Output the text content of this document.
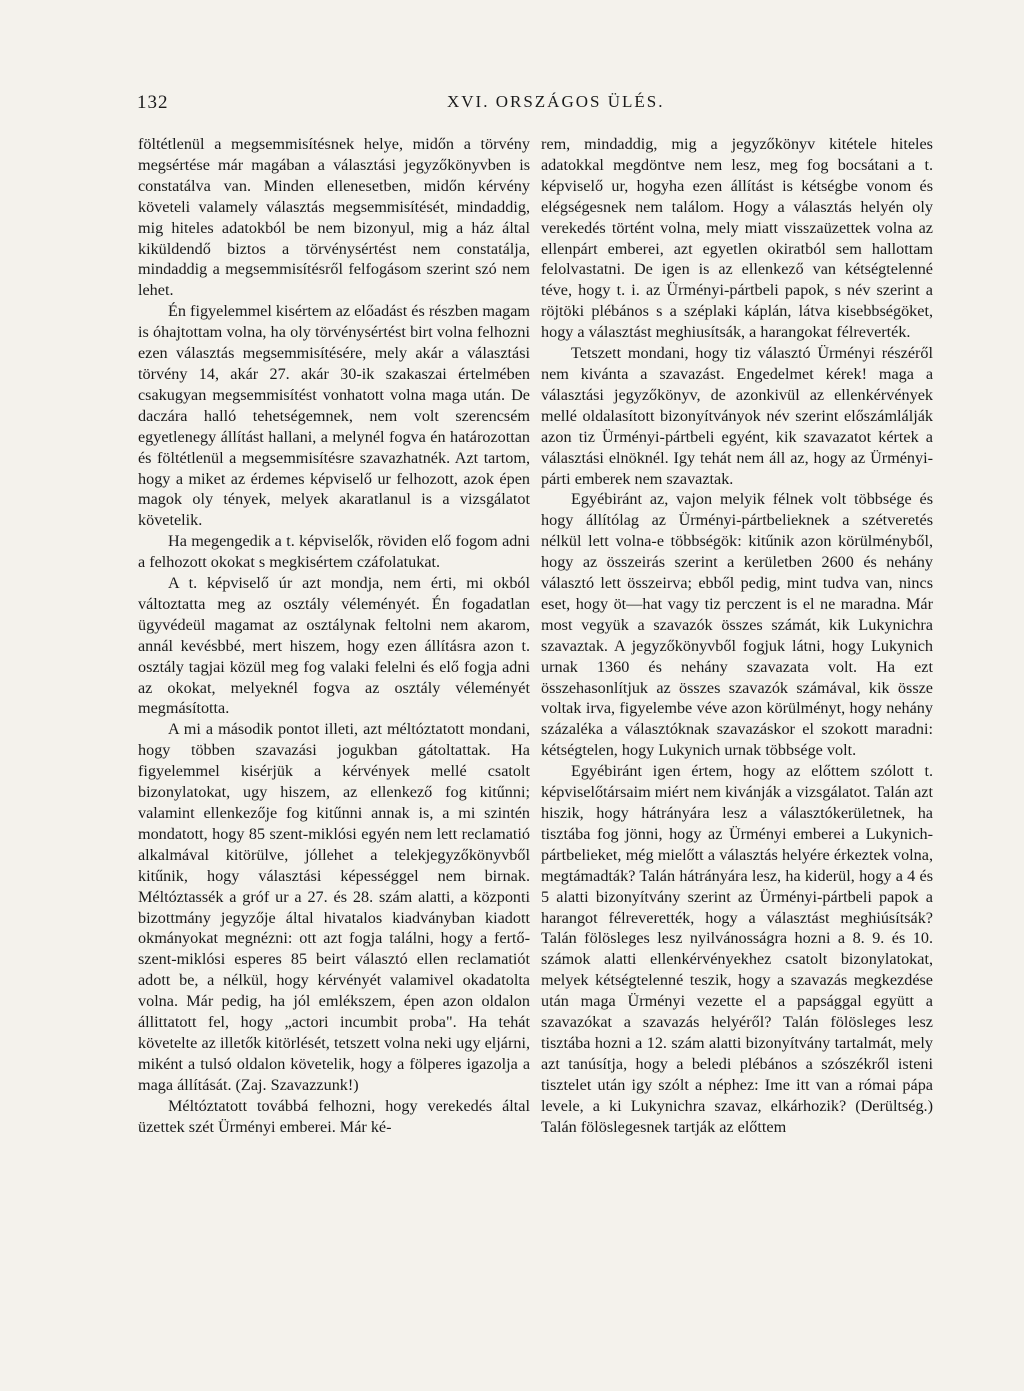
132	XVI. ORSZÁGOS ÜLÉS.

föltétlenül a megsemmisítésnek helye, midőn a törvény megsértése már magában a választási jegyzőkönyvben is constatálva van. Minden ellenesetben, midőn kérvény követeli valamely választás megsemmisítését, mindaddig, mig hiteles adatokból be nem bizonyul, mig a ház által kiküldendő biztos a törvénysértést nem constatálja, mindaddig a megsemmisítésről felfogásom szerint szó nem lehet.

Én figyelemmel kisértem az előadást és részben magam is óhajtottam volna, ha oly törvénysértést birt volna felhozni ezen választás megsemmisítésére, mely akár a választási törvény 14, akár 27. akár 30-ik szakaszai értelmében csakugyan megsemmisítést vonhatott volna maga után. De daczára halló tehetségemnek, nem volt szerencsém egyetlenegy állítást hallani, a melynél fogva én határozottan és föltétlenül a megsemmisítésre szavazhatnék. Azt tartom, hogy a miket az érdemes képviselő ur felhozott, azok épen magok oly tények, melyek akaratlanul is a vizsgálatot követelik.

Ha megengedik a t. képviselők, röviden elő fogom adni a felhozott okokat s megkisértem czáfolatukat.

A t. képviselő úr azt mondja, nem érti, mi okból változtatta meg az osztály véleményét. Én fogadatlan ügyvédeül magamat az osztálynak feltolni nem akarom, annál kevésbbé, mert hiszem, hogy ezen állításra azon t. osztály tagjai közül meg fog valaki felelni és elő fogja adni az okokat, melyeknél fogva az osztály véleményét megmásította.

A mi a második pontot illeti, azt méltóztatott mondani, hogy többen szavazási jogukban gátoltattak. Ha figyelemmel kisérjük a kérvények mellé csatolt bizonylatokat, ugy hiszem, az ellenkező fog kitűnni; valamint ellenkezője fog kitűnni annak is, a mi szintén mondatott, hogy 85 szent-miklósi egyén nem lett reclamatió alkalmával kitörülve, jóllehet a telekjegyzőkönyvből kitűnik, hogy választási képességgel nem birnak. Méltóztassék a gróf ur a 27. és 28. szám alatti, a központi bizottmány jegyzője által hivatalos kiadványban kiadott okmányokat megnézni: ott azt fogja találni, hogy a fertő-szent-miklósi esperes 85 beirt választó ellen reclamatiót adott be, a nélkül, hogy kérvényét valamivel okadatolta volna. Már pedig, ha jól emlékszem, épen azon oldalon állittatott fel, hogy „actori incumbit proba". Ha tehát követelte az illetők kitörlését, tetszett volna neki ugy eljárni, miként a tulsó oldalon követelik, hogy a fölperes igazolja a maga állítását. (Zaj. Szavazzunk!)

Méltóztatott továbbá felhozni, hogy verekedés által üzettek szét Ürményi emberei. Már ké-

rem, mindaddig, mig a jegyzőkönyv kitétele hiteles adatokkal megdöntve nem lesz, meg fog bocsátani a t. képviselő ur, hogyha ezen állítást is kétségbe vonom és elégségesnek nem találom. Hogy a választás helyén oly verekedés történt volna, mely miatt visszaüzettek volna az ellenpárt emberei, azt egyetlen okiratból sem hallottam felolvastatni. De igen is az ellenkező van kétségtelenné téve, hogy t. i. az Ürményi-pártbeli papok, s név szerint a röjtöki plébános s a széplaki káplán, látva kisebbségöket, hogy a választást meghiusítsák, a harangokat félreverték.

Tetszett mondani, hogy tiz választó Ürményi részéről nem kivánta a szavazást. Engedelmet kérek! maga a választási jegyzőkönyv, de azonkivül az ellenkérvények mellé oldalasított bizonyítványok név szerint előszámlálják azon tiz Ürményi-pártbeli egyént, kik szavazatot kértek a választási elnöknél. Igy tehát nem áll az, hogy az Ürményi-párti emberek nem szavaztak.

Egyébiránt az, vajon melyik félnek volt többsége és hogy állítólag az Ürményi-pártbelieknek a szétveretés nélkül lett volna-e többségök: kitűnik azon körülményből, hogy az összeirás szerint a kerületben 2600 és nehány választó lett összeirva; ebből pedig, mint tudva van, nincs eset, hogy öt—hat vagy tiz perczent is el ne maradna. Már most vegyük a szavazók összes számát, kik Lukynichra szavaztak. A jegyzőkönyvből fogjuk látni, hogy Lukynich urnak 1360 és nehány szavazata volt. Ha ezt összehasonlítjuk az összes szavazók számával, kik össze voltak irva, figyelembe véve azon körülményt, hogy nehány százaléka a választóknak szavazáskor el szokott maradni: kétségtelen, hogy Lukynich urnak többsége volt.

Egyébiránt igen értem, hogy az előttem szólott t. képviselőtársaim miért nem kivánják a vizsgálatot. Talán azt hiszik, hogy hátrányára lesz a választókerületnek, ha tisztába fog jönni, hogy az Ürményi emberei a Lukynich-pártbelieket, még mielőtt a választás helyére érkeztek volna, megtámadták? Talán hátrányára lesz, ha kiderül, hogy a 4 és 5 alatti bizonyítvány szerint az Ürményi-pártbeli papok a harangot félreverették, hogy a választást meghiúsítsák? Talán fölösleges lesz nyilvánosságra hozni a 8. 9. és 10. számok alatti ellenkérvényekhez csatolt bizonylatokat, melyek kétségtelenné teszik, hogy a szavazás megkezdése után maga Ürményi vezette el a papsággal együtt a szavazókat a szavazás helyéről? Talán fölösleges lesz tisztába hozni a 12. szám alatti bizonyítvány tartalmát, mely azt tanúsítja, hogy a beledi plébános a szószékről isteni tisztelet után igy szólt a néphez: Ime itt van a római pápa levele, a ki Lukynichra szavaz, elkárhozik? (Derültség.) Talán fölöslegesnek tartják az előttem
